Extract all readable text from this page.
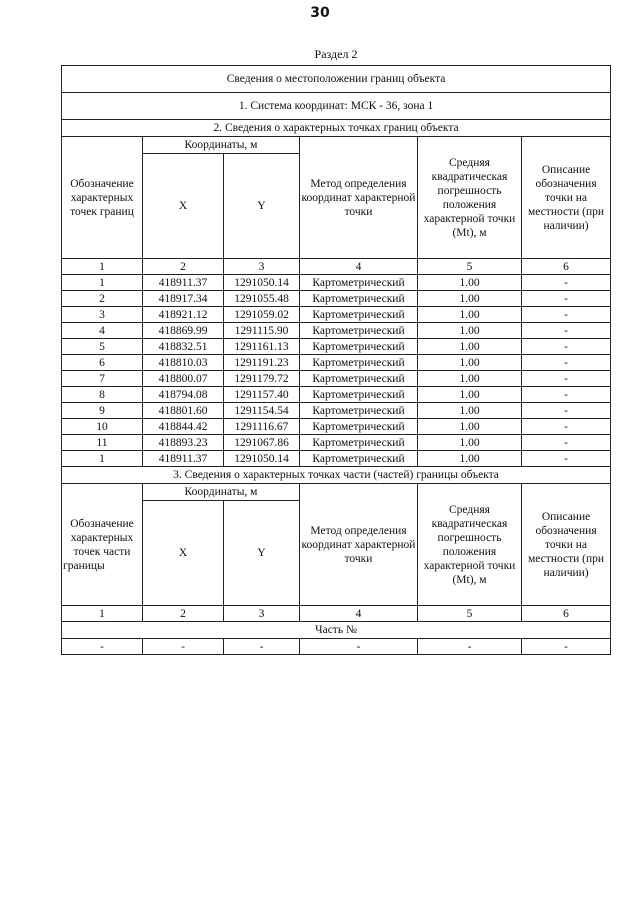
30
Раздел 2
Сведения о местоположении границ объекта					
1. Система координат: МСК - 36, зона 1					
2. Сведения о характерных точках границ объекта					
Обозначение характерных точек границ	Координаты, м		Метод определения координат характерной точки	Средняя квадратическая погрешность положения характерной точки (Mt), м	Описание обозначения точки на местности (при наличии)
	X	Y			
1	2	3	4	5	6
1	418911.37	1291050.14	Картометрический	1.00	-
2	418917.34	1291055.48	Картометрический	1.00	-
3	418921.12	1291059.02	Картометрический	1.00	-
4	418869.99	1291115.90	Картометрический	1.00	-
5	418832.51	1291161.13	Картометрический	1.00	-
6	418810.03	1291191.23	Картометрический	1.00	-
7	418800.07	1291179.72	Картометрический	1.00	-
8	418794.08	1291157.40	Картометрический	1.00	-
9	418801.60	1291154.54	Картометрический	1.00	-
10	418844.42	1291116.67	Картометрический	1.00	-
11	418893.23	1291067.86	Картометрический	1.00	-
1	418911.37	1291050.14	Картометрический	1.00	-
3. Сведения о характерных точках части (частей) границы объекта					
Обозначение характерных точек части границы	Координаты, м		Метод определения координат характерной точки	Средняя квадратическая погрешность положения характерной точки (Mt), м	Описание обозначения точки на местности (при наличии)
	X	Y			
1	2	3	4	5	6
Часть №					
-	-	-	-	-	-
